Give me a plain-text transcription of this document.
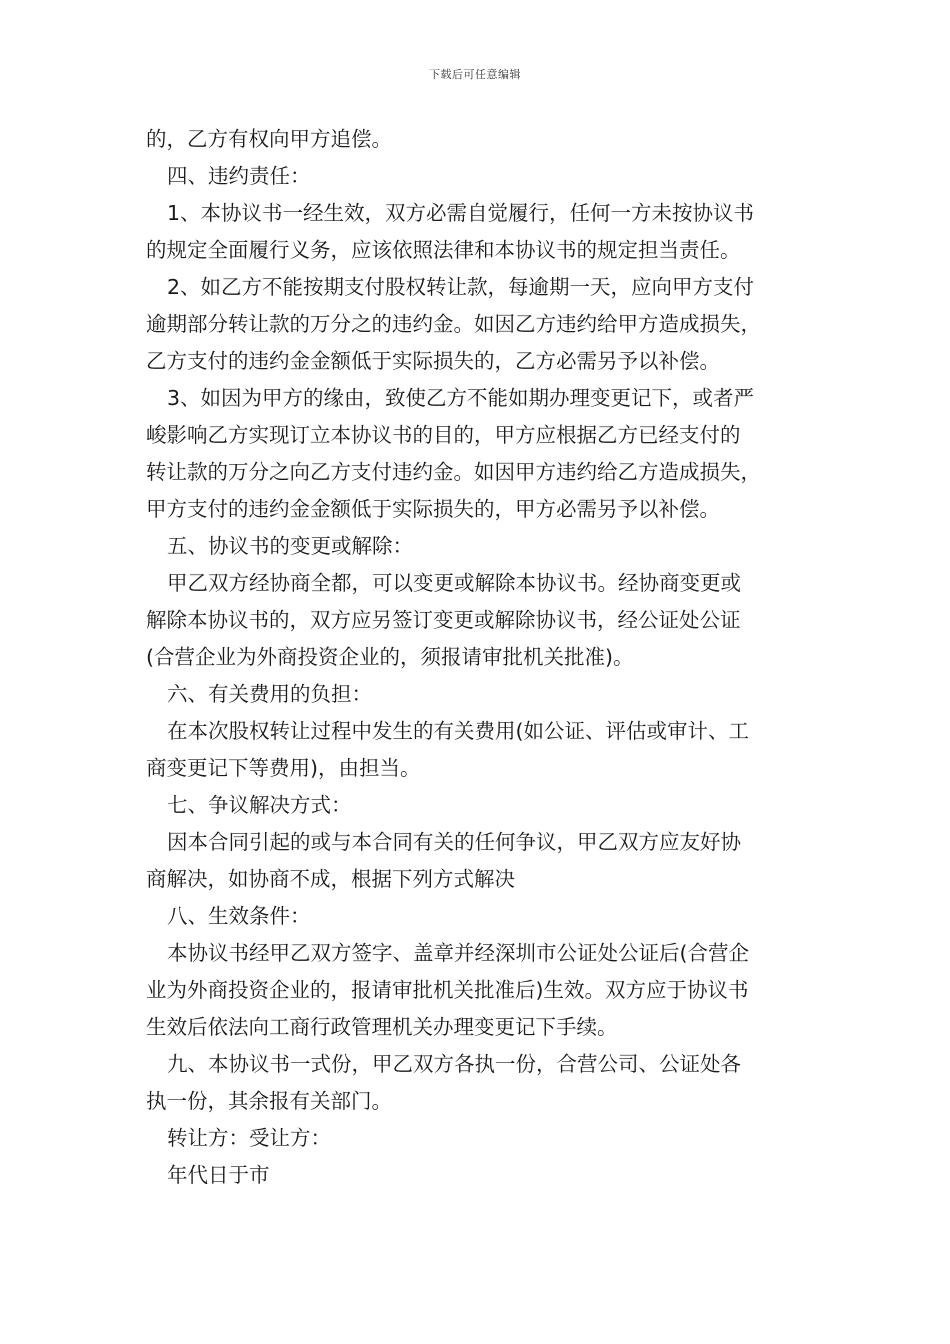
下载后可任意编辑

的，乙方有权向甲方追偿。

四、违约责任：

1、本协议书一经生效，双方必需自觉履行，任何一方未按协议书

的规定全面履行义务，应该依照法律和本协议书的规定担当责任。

2、如乙方不能按期支付股权转让款，每逾期一天，应向甲方支付

逾期部分转让款的万分之的违约金。如因乙方违约给甲方造成损失，

乙方支付的违约金金额低于实际损失的，乙方必需另予以补偿。

3、如因为甲方的缘由，致使乙方不能如期办理变更记下，或者严

峻影响乙方实现订立本协议书的目的，甲方应根据乙方已经支付的

转让款的万分之向乙方支付违约金。如因甲方违约给乙方造成损失，

甲方支付的违约金金额低于实际损失的，甲方必需另予以补偿。

五、协议书的变更或解除：

甲乙双方经协商全都，可以变更或解除本协议书。经协商变更或

解除本协议书的，双方应另签订变更或解除协议书，经公证处公证

(合营企业为外商投资企业的，须报请审批机关批准)。

六、有关费用的负担：

在本次股权转让过程中发生的有关费用(如公证、评估或审计、工

商变更记下等费用)，由担当。

七、争议解决方式：

因本合同引起的或与本合同有关的任何争议，甲乙双方应友好协

商解决，如协商不成，根据下列方式解决

八、生效条件：

本协议书经甲乙双方签字、盖章并经深圳市公证处公证后(合营企

业为外商投资企业的，报请审批机关批准后)生效。双方应于协议书

生效后依法向工商行政管理机关办理变更记下手续。

九、本协议书一式份，甲乙双方各执一份，合营公司、公证处各

执一份，其余报有关部门。

转让方：受让方：

年代日于市
